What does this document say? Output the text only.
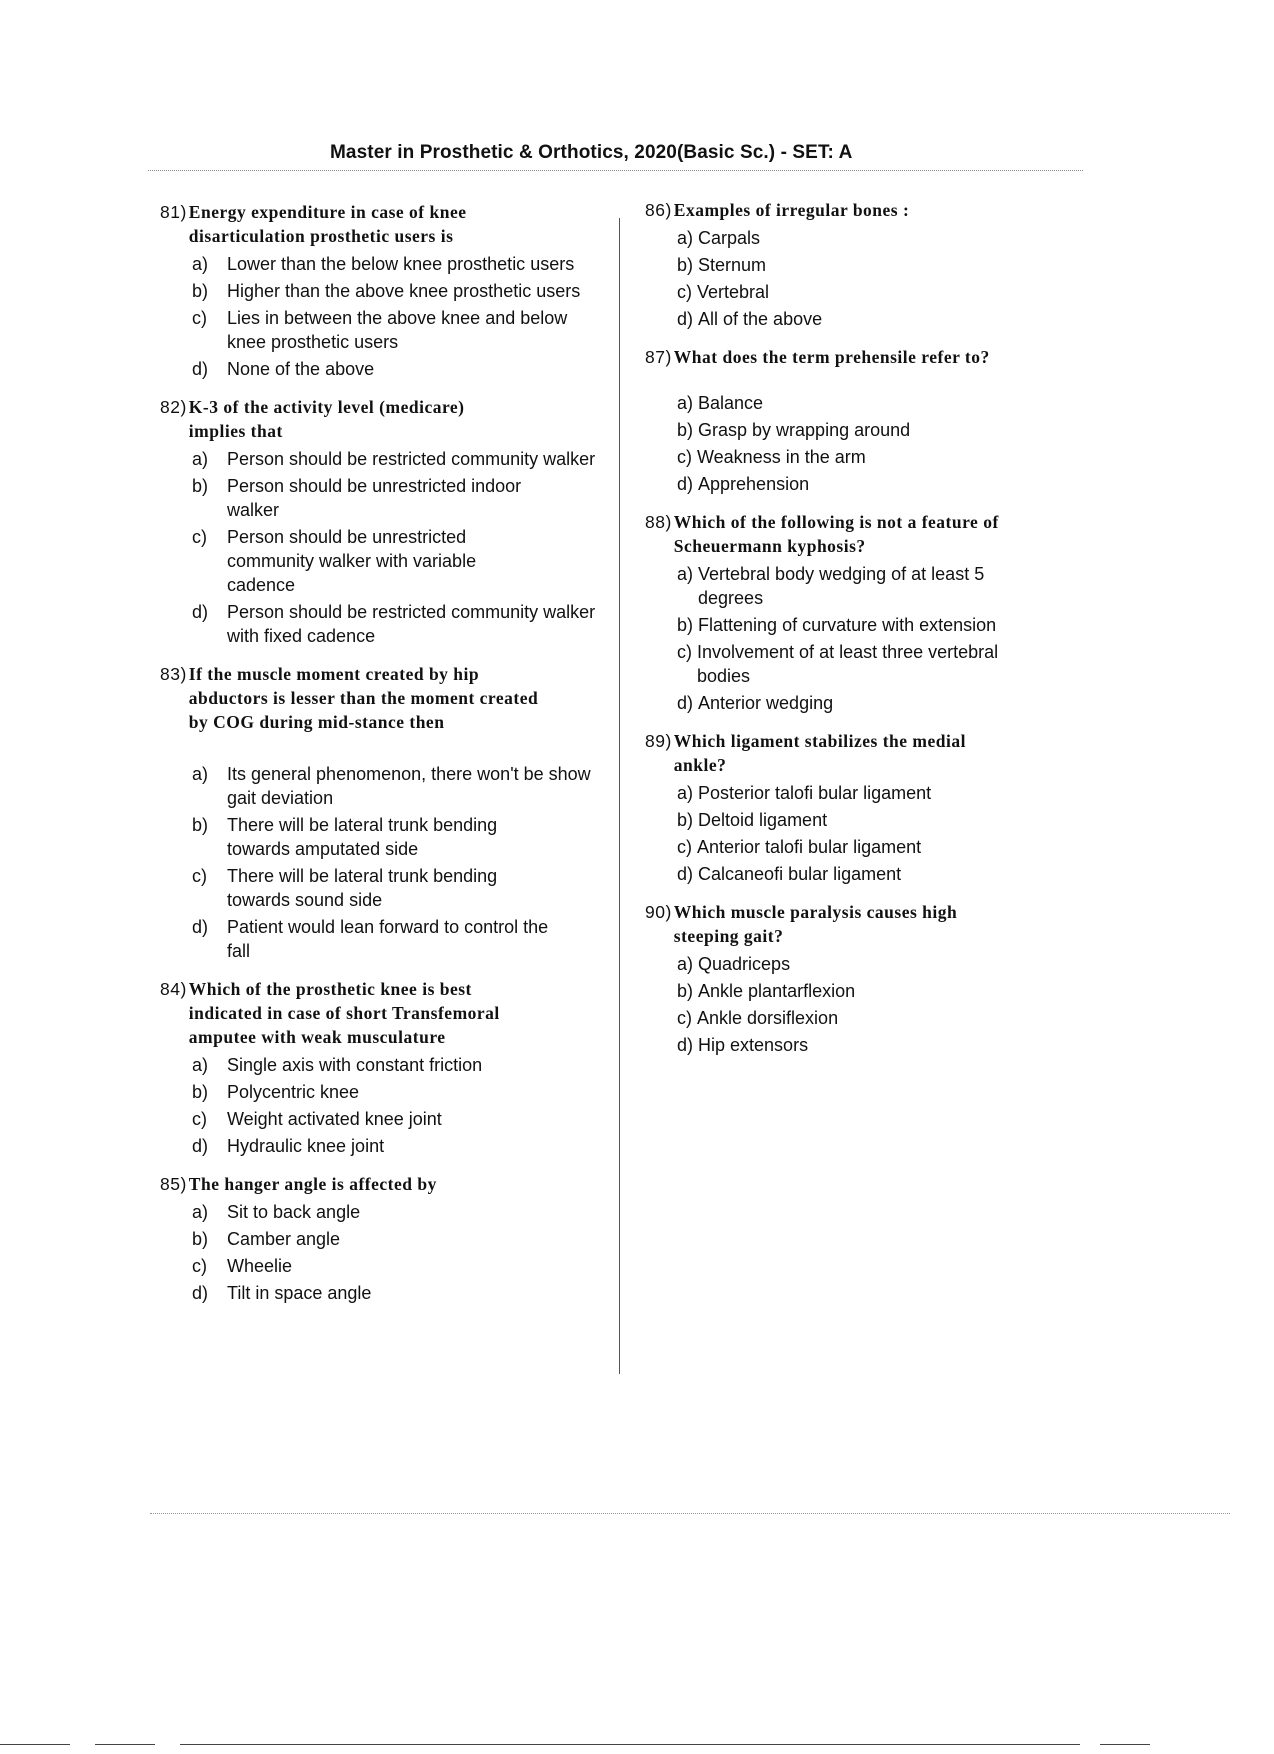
Master in Prosthetic & Orthotics, 2020(Basic Sc.) - SET: A
81) Energy expenditure in case of knee disarticulation prosthetic users is
a)	Lower than the below knee prosthetic users
b)	Higher than the above knee prosthetic users
c)	Lies in between the above knee and below knee prosthetic users
d)	None of the above
82) K-3 of the activity level (medicare) implies that
a)	Person should be restricted community walker
b)	Person should be unrestricted indoor walker
c)	Person should be unrestricted community walker with variable cadence
d)	Person should be restricted community walker with fixed cadence
83) If the muscle moment created by hip abductors is lesser than the moment created by COG during mid-stance then
a)	Its general phenomenon, there won't be show gait deviation
b)	There will be lateral trunk bending towards amputated side
c)	There will be lateral trunk bending towards sound side
d)	Patient would lean forward to control the fall
84) Which of the prosthetic knee is best indicated in case of short Transfemoral amputee with weak musculature
a)	Single axis with constant friction
b)	Polycentric knee
c)	Weight activated knee joint
d)	Hydraulic knee joint
85) The hanger angle is affected by
a)	Sit to back angle
b)	Camber angle
c)	Wheelie
d)	Tilt in space angle
86) Examples of irregular bones :
a) Carpals
b) Sternum
c) Vertebral
d) All of the above
87) What does the term prehensile refer to?
a) Balance
b) Grasp by wrapping around
c) Weakness in the arm
d) Apprehension
88) Which of the following is not a feature of Scheuermann kyphosis?
a) Vertebral body wedging of at least 5 degrees
b) Flattening of curvature with extension
c) Involvement of at least three vertebral bodies
d) Anterior wedging
89) Which ligament stabilizes the medial ankle?
a) Posterior talofi bular ligament
b) Deltoid ligament
c) Anterior talofi bular ligament
d) Calcaneofi bular ligament
90) Which muscle paralysis causes high steeping gait?
a) Quadriceps
b) Ankle plantarflexion
c) Ankle dorsiflexion
d) Hip extensors
